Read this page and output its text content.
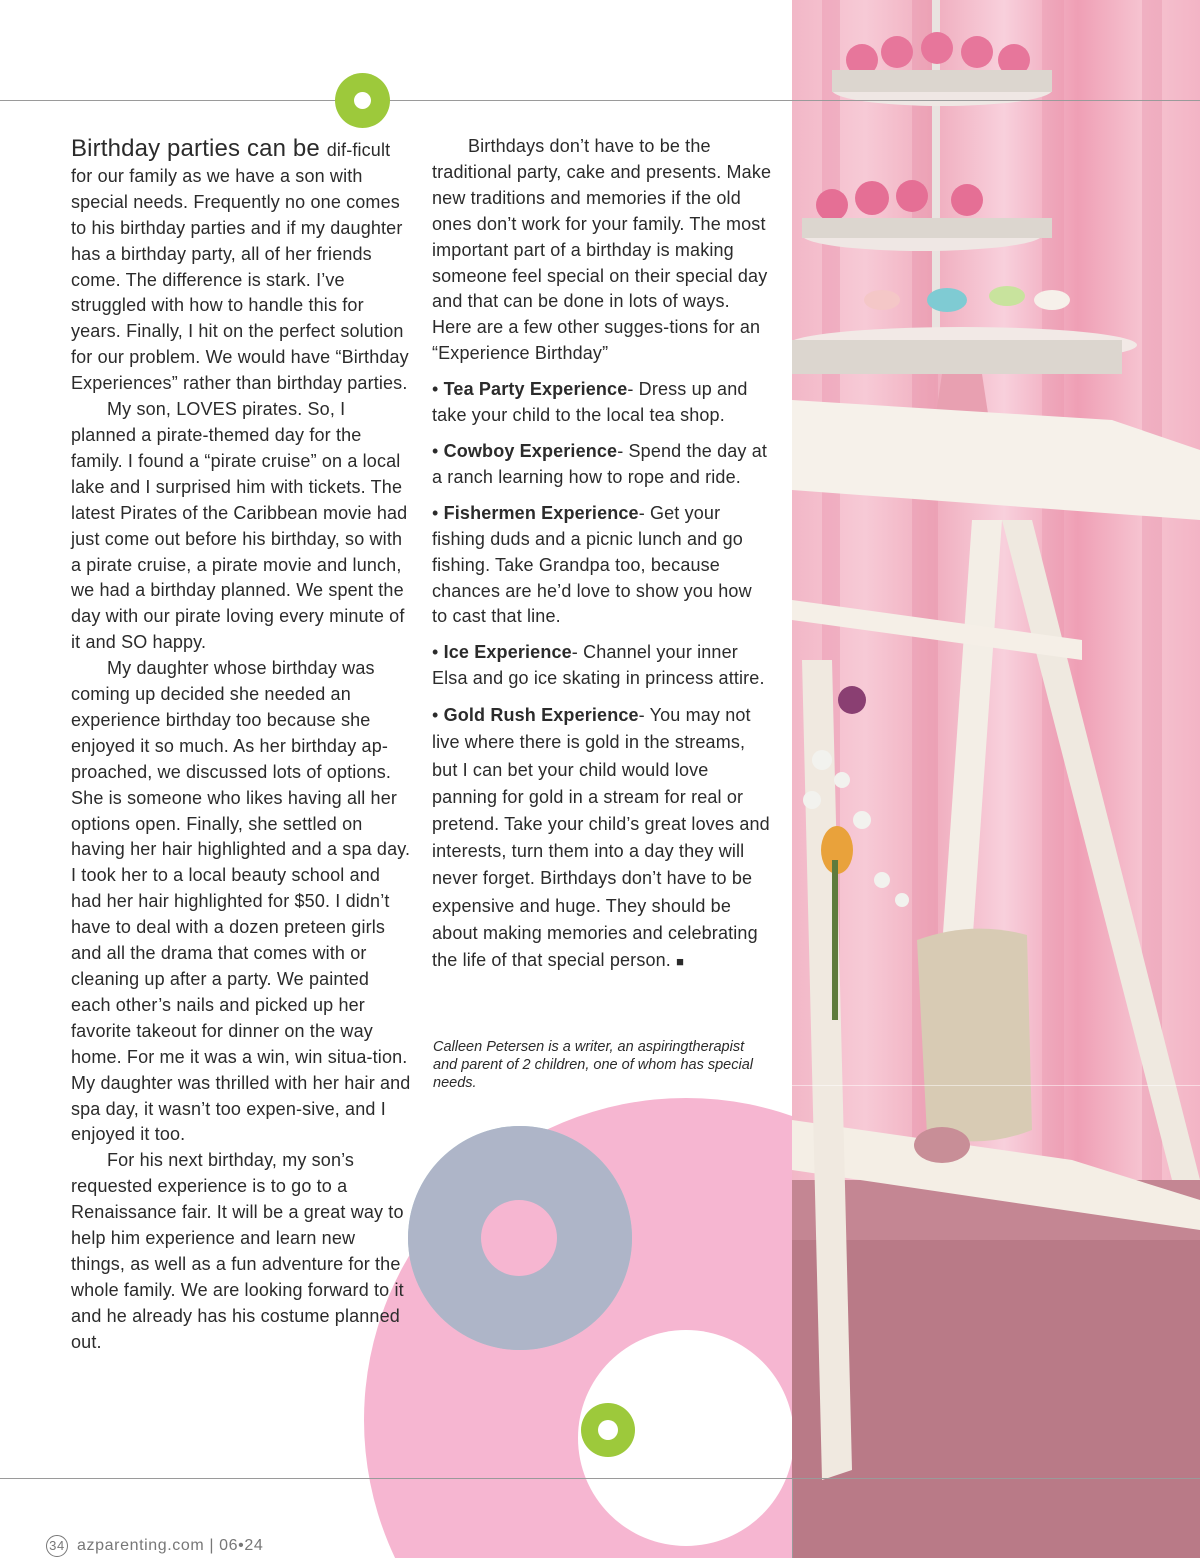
Birthday parties can be dif-ficult for our family as we have a son with special needs. Frequently no one comes to his birthday parties and if my daughter has a birthday party, all of her friends come. The difference is stark. I’ve struggled with how to handle this for years. Finally, I hit on the perfect solution for our problem. We would have “Birthday Experiences” rather than birthday parties.

My son, LOVES pirates. So, I planned a pirate-themed day for the family. I found a “pirate cruise” on a local lake and I surprised him with tickets. The latest Pirates of the Caribbean movie had just come out before his birthday, so with a pirate cruise, a pirate movie and lunch, we had a birthday planned. We spent the day with our pirate loving every minute of it and SO happy.

My daughter whose birthday was coming up decided she needed an experience birthday too because she enjoyed it so much. As her birthday ap-proached, we discussed lots of options. She is someone who likes having all her options open. Finally, she settled on having her hair highlighted and a spa day. I took her to a local beauty school and had her hair highlighted for $50. I didn’t have to deal with a dozen preteen girls and all the drama that comes with or cleaning up after a party. We painted each other’s nails and picked up her favorite takeout for dinner on the way home. For me it was a win, win situa-tion. My daughter was thrilled with her hair and spa day, it wasn’t too expen-sive, and I enjoyed it too.

For his next birthday, my son’s requested experience is to go to a Renaissance fair. It will be a great way to help him experience and learn new things, as well as a fun adventure for the whole family. We are looking forward to it and he already has his costume planned out.

Birthdays don’t have to be the traditional party, cake and presents. Make new traditions and memories if the old ones don’t work for your family. The most important part of a birthday is making someone feel special on their special day and that can be done in lots of ways. Here are a few other sugges-tions for an “Experience Birthday”

• Tea Party Experience- Dress up and take your child to the local tea shop.

• Cowboy Experience- Spend the day at a ranch learning how to rope and ride.

• Fishermen Experience- Get your fishing duds and a picnic lunch and go fishing. Take Grandpa too, because chances are he’d love to show you how to cast that line.

• Ice Experience- Channel your inner Elsa and go ice skating in princess attire.

• Gold Rush Experience- You may not live where there is gold in the streams, but I can bet your child would love panning for gold in a stream for real or pretend. Take your child’s great loves and interests, turn them into a day they will never forget. Birthdays don’t have to be expensive and huge. They should be about making memories and celebrating the life of that special person. ■

Calleen Petersen is a writer, an aspiringtherapist and parent of 2 children, one of whom has special needs.
34 azparenting.com | 06•24
